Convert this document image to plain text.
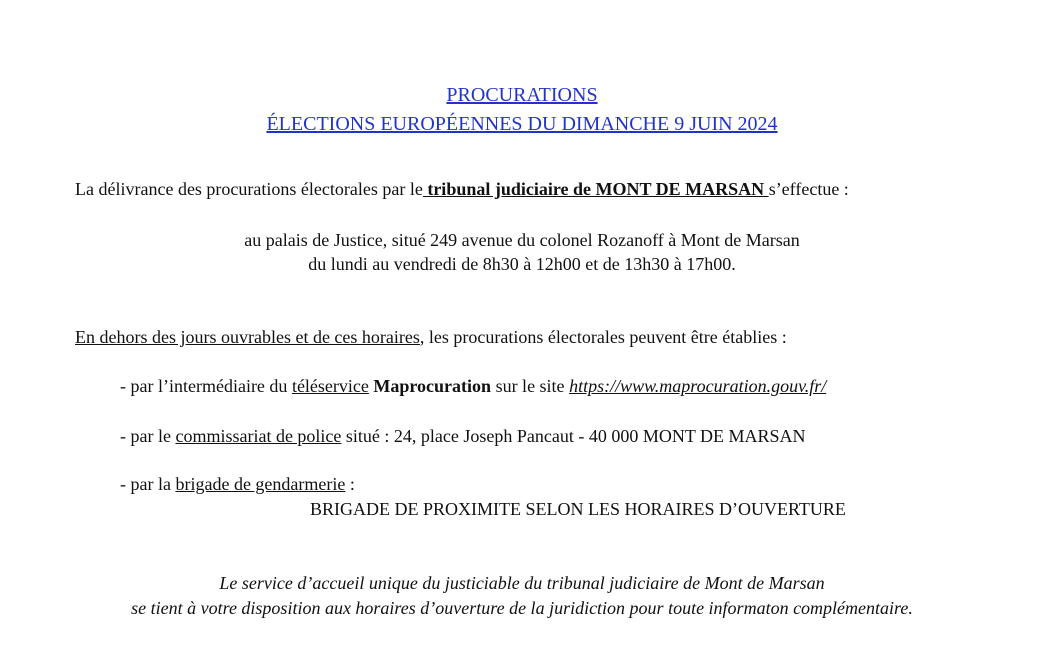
PROCURATIONS
ÉLECTIONS EUROPÉENNES DU DIMANCHE 9 JUIN 2024
La délivrance des procurations électorales par le tribunal judiciaire de MONT DE MARSAN s’effectue :
au palais de Justice, situé 249 avenue du colonel Rozanoff à Mont de Marsan
du lundi au vendredi de 8h30 à 12h00 et de 13h30 à 17h00.
En dehors des jours ouvrables et de ces horaires, les procurations électorales peuvent être établies :
- par l’intermédiaire du téléservice Maprocuration sur le site https://www.maprocuration.gouv.fr/
- par le commissariat de police situé : 24, place Joseph Pancaut - 40 000 MONT DE MARSAN
- par la brigade de gendarmerie :
BRIGADE DE PROXIMITE SELON LES HORAIRES D’OUVERTURE
Le service d’accueil unique du justiciable du tribunal judiciaire de Mont de Marsan
se tient à votre disposition aux horaires d’ouverture de la juridiction pour toute informaton complémentaire.
